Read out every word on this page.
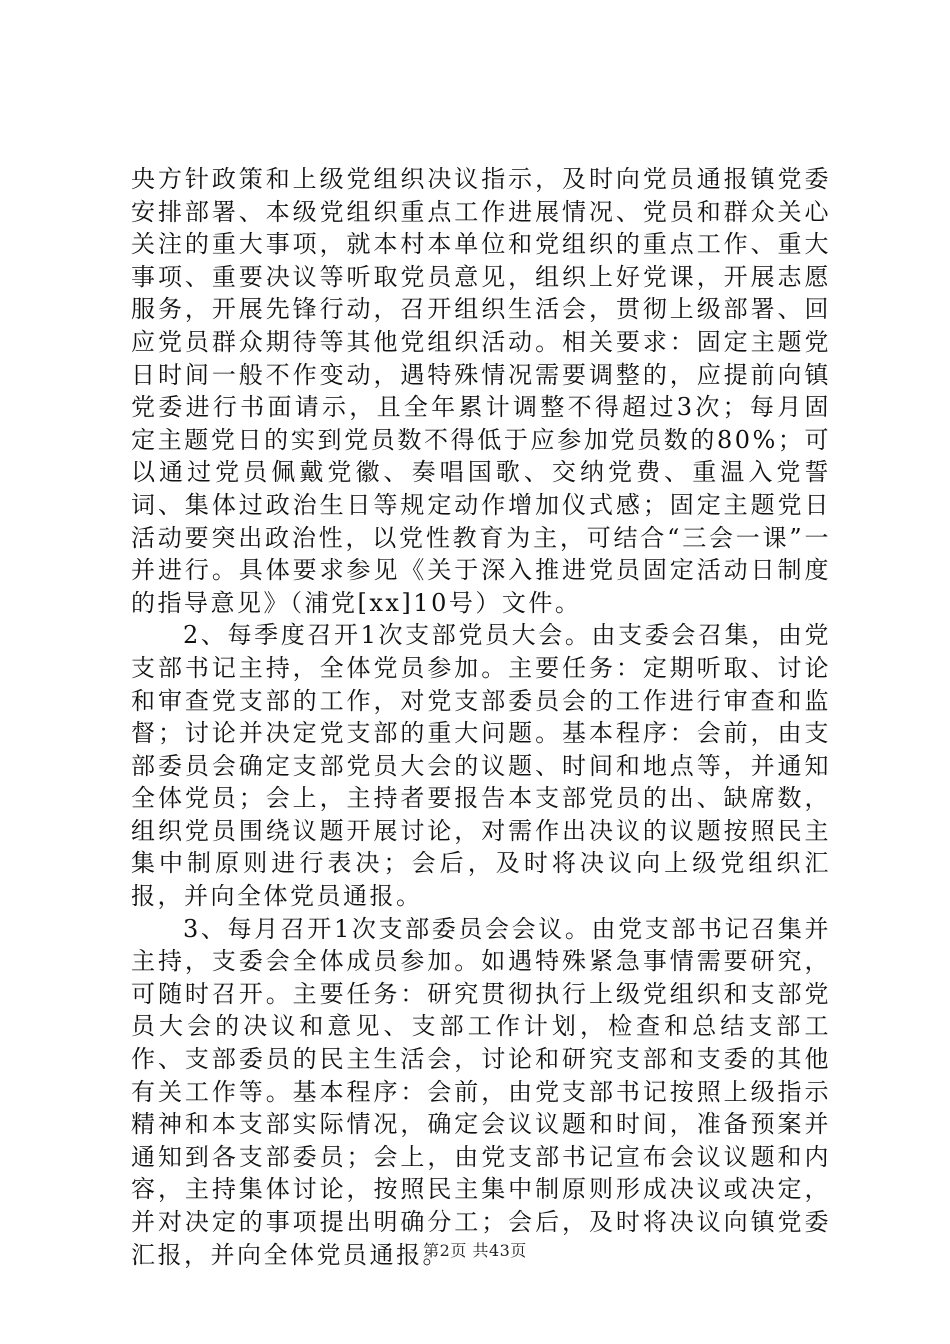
央方针政策和上级党组织决议指示，及时向党员通报镇党委安排部署、本级党组织重点工作进展情况、党员和群众关心关注的重大事项，就本村本单位和党组织的重点工作、重大事项、重要决议等听取党员意见，组织上好党课，开展志愿服务，开展先锋行动，召开组织生活会，贯彻上级部署、回应党员群众期待等其他党组织活动。相关要求：固定主题党日时间一般不作变动，遇特殊情况需要调整的，应提前向镇党委进行书面请示，且全年累计调整不得超过3次；每月固定主题党日的实到党员数不得低于应参加党员数的80%；可以通过党员佩戴党徽、奏唱国歌、交纳党费、重温入党誓词、集体过政治生日等规定动作增加仪式感；固定主题党日活动要突出政治性，以党性教育为主，可结合“三会一课”一并进行。具体要求参见《关于深入推进党员固定活动日制度的指导意见》（浦党[xx]10号）文件。

2、每季度召开1次支部党员大会。由支委会召集，由党支部书记主持，全体党员参加。主要任务：定期听取、讨论和审查党支部的工作，对党支部委员会的工作进行审查和监督；讨论并决定党支部的重大问题。基本程序：会前，由支部委员会确定支部党员大会的议题、时间和地点等，并通知全体党员；会上，主持者要报告本支部党员的出、缺席数，组织党员围绕议题开展讨论，对需作出决议的议题按照民主集中制原则进行表决；会后，及时将决议向上级党组织汇报，并向全体党员通报。

3、每月召开1次支部委员会会议。由党支部书记召集并主持，支委会全体成员参加。如遇特殊紧急事情需要研究，可随时召开。主要任务：研究贯彻执行上级党组织和支部党员大会的决议和意见、支部工作计划，检查和总结支部工作、支部委员的民主生活会，讨论和研究支部和支委的其他有关工作等。基本程序：会前，由党支部书记按照上级指示精神和本支部实际情况，确定会议议题和时间，准备预案并通知到各支部委员；会上，由党支部书记宣布会议议题和内容，主持集体讨论，按照民主集中制原则形成决议或决定，并对决定的事项提出明确分工；会后，及时将决议向镇党委汇报，并向全体党员通报。

第2页 共43页
